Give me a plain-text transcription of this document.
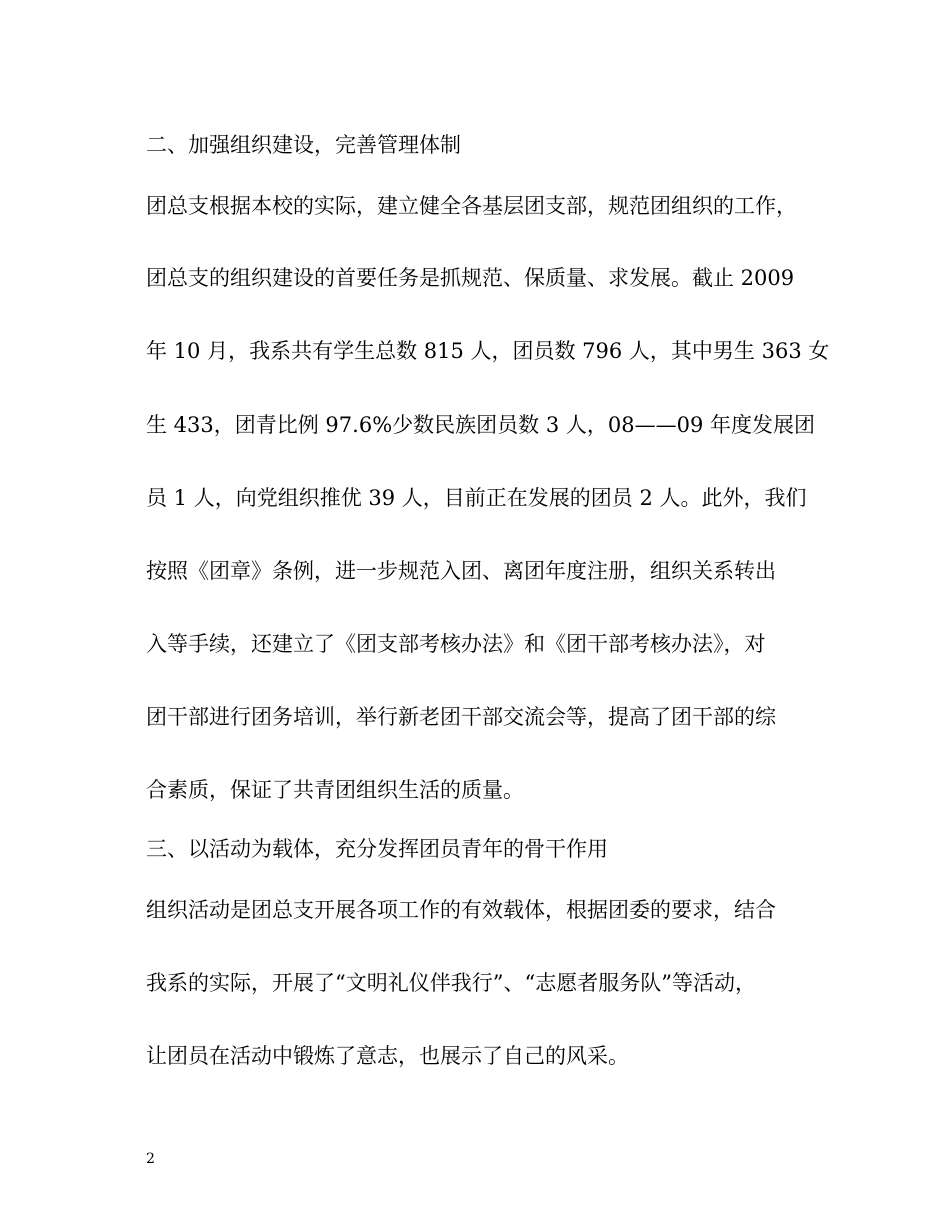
二、加强组织建设，完善管理体制
团总支根据本校的实际，建立健全各基层团支部，规范团组织的工作，
团总支的组织建设的首要任务是抓规范、保质量、求发展。截止 2009
年 10 月，我系共有学生总数 815 人，团员数 796 人，其中男生 363 女
生 433，团青比例 97.6%少数民族团员数 3 人，08——09 年度发展团
员 1 人，向党组织推优 39 人，目前正在发展的团员 2 人。此外，我们
按照《团章》条例，进一步规范入团、离团年度注册，组织关系转出
入等手续，还建立了《团支部考核办法》和《团干部考核办法》，对
团干部进行团务培训，举行新老团干部交流会等，提高了团干部的综
合素质，保证了共青团组织生活的质量。
三、以活动为载体，充分发挥团员青年的骨干作用
组织活动是团总支开展各项工作的有效载体，根据团委的要求，结合
我系的实际，开展了“文明礼仪伴我行”、“志愿者服务队”等活动，
让团员在活动中锻炼了意志，也展示了自己的风采。
2
